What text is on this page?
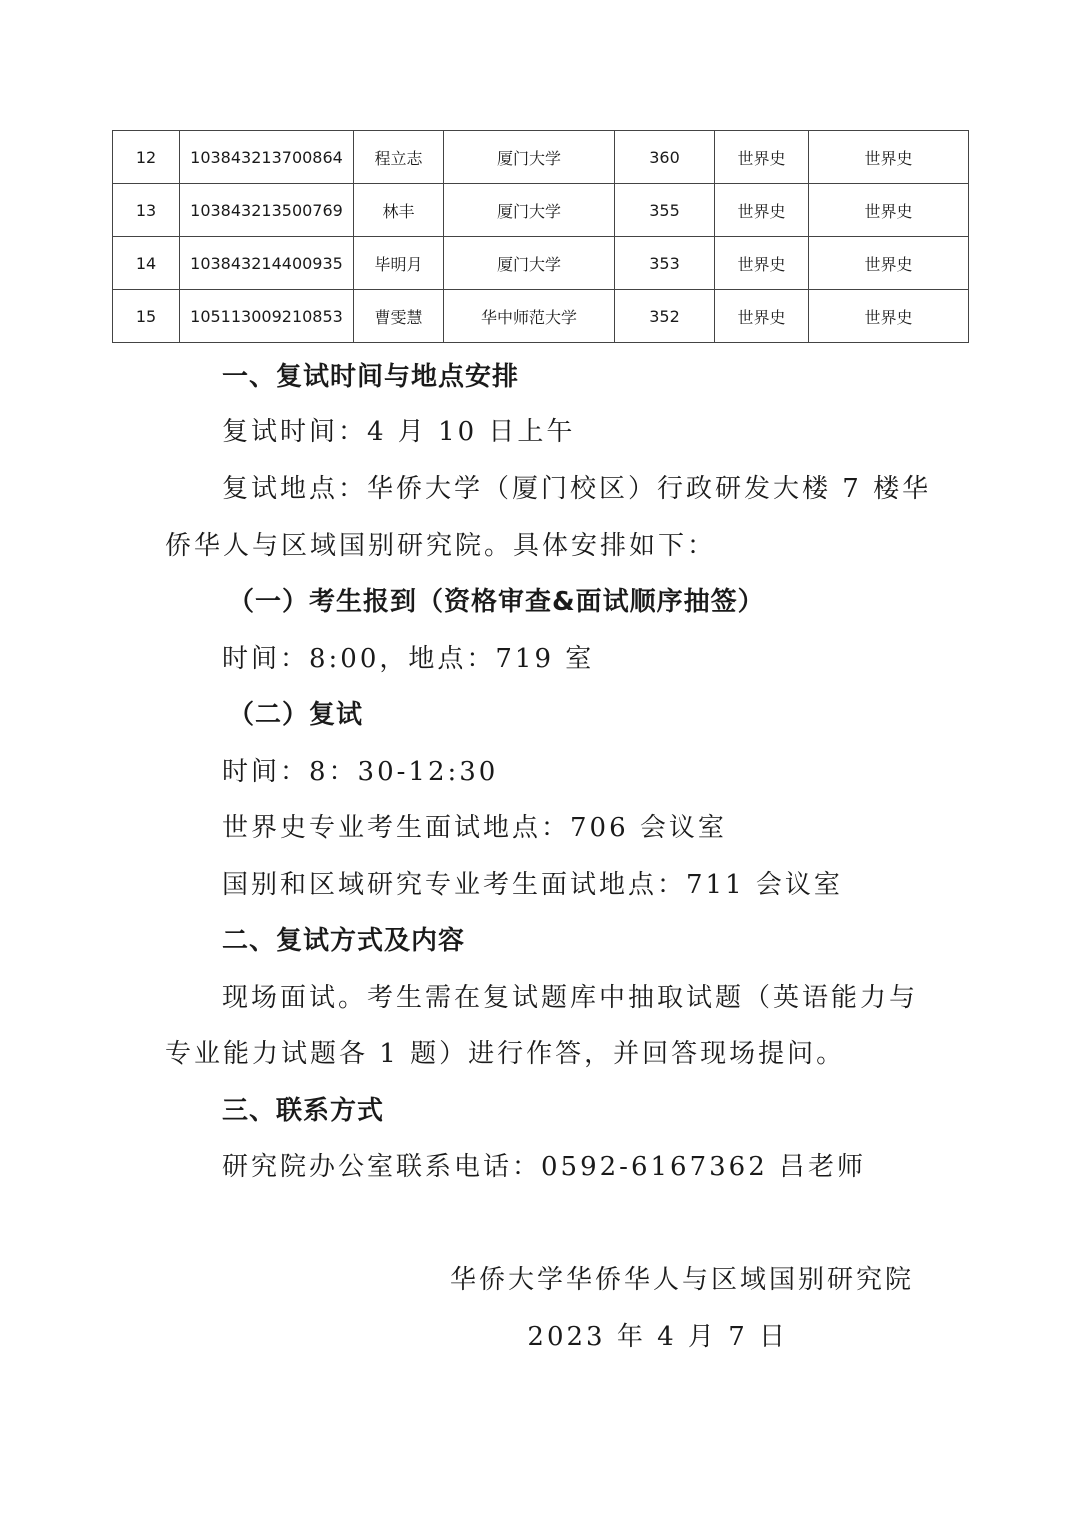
12	103843213700864	程立志	厦门大学	360	世界史	世界史
13	103843213500769	林丰	厦门大学	355	世界史	世界史
14	103843214400935	毕明月	厦门大学	353	世界史	世界史
15	105113009210853	曹雯慧	华中师范大学	352	世界史	世界史
一、复试时间与地点安排
复试时间：4 月 10 日上午
复试地点：华侨大学（厦门校区）行政研发大楼 7 楼华
侨华人与区域国别研究院。具体安排如下：
（一）考生报到（资格审查&面试顺序抽签）
时间：8:00，地点：719 室
（二）复试
时间：8：30-12:30
世界史专业考生面试地点：706 会议室
国别和区域研究专业考生面试地点：711 会议室
二、复试方式及内容
现场面试。考生需在复试题库中抽取试题（英语能力与
专业能力试题各 1 题）进行作答，并回答现场提问。
三、联系方式
研究院办公室联系电话：0592-6167362 吕老师
华侨大学华侨华人与区域国别研究院
2023 年 4 月 7 日
